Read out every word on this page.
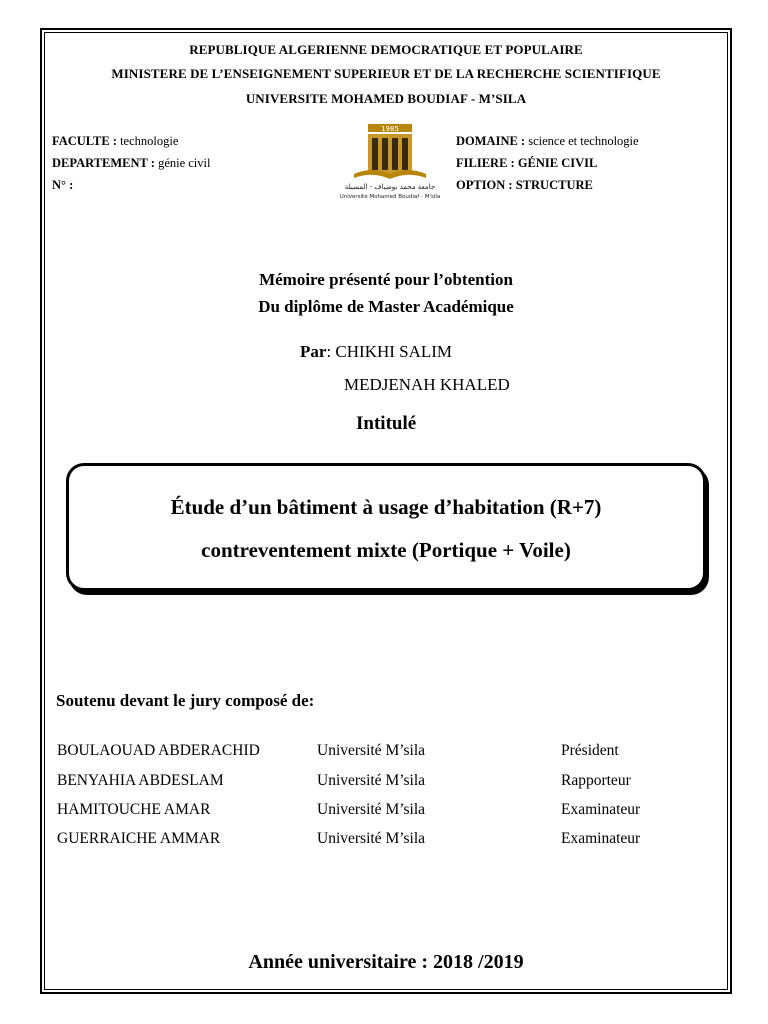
REPUBLIQUE ALGERIENNE DEMOCRATIQUE ET POPULAIRE
MINISTERE DE L’ENSEIGNEMENT SUPERIEUR ET DE LA RECHERCHE SCIENTIFIQUE
UNIVERSITE MOHAMED BOUDIAF - M’SILA
FACULTE : technologie
DEPARTEMENT : génie civil
N° :
DOMAINE : science et technologie
FILIERE : GÉNIE CIVIL
OPTION : STRUCTURE
1985
جامعة محمد بوضياف - المسيلة
Université Mohamed Boudiaf - M'sila
Mémoire présenté pour l’obtention
Du diplôme de Master Académique
Par: CHIKHI SALIM
MEDJENAH KHALED
Intitulé
Étude d’un bâtiment à usage d’habitation (R+7)
contreventement mixte (Portique + Voile)
Soutenu devant le jury composé de:
BOULAOUAD ABDERACHID	Université M’sila	Président
BENYAHIA ABDESLAM	Université M’sila	Rapporteur
HAMITOUCHE AMAR	Université M’sila	Examinateur
GUERRAICHE AMMAR	Université M’sila	Examinateur
Année universitaire : 2018 /2019
